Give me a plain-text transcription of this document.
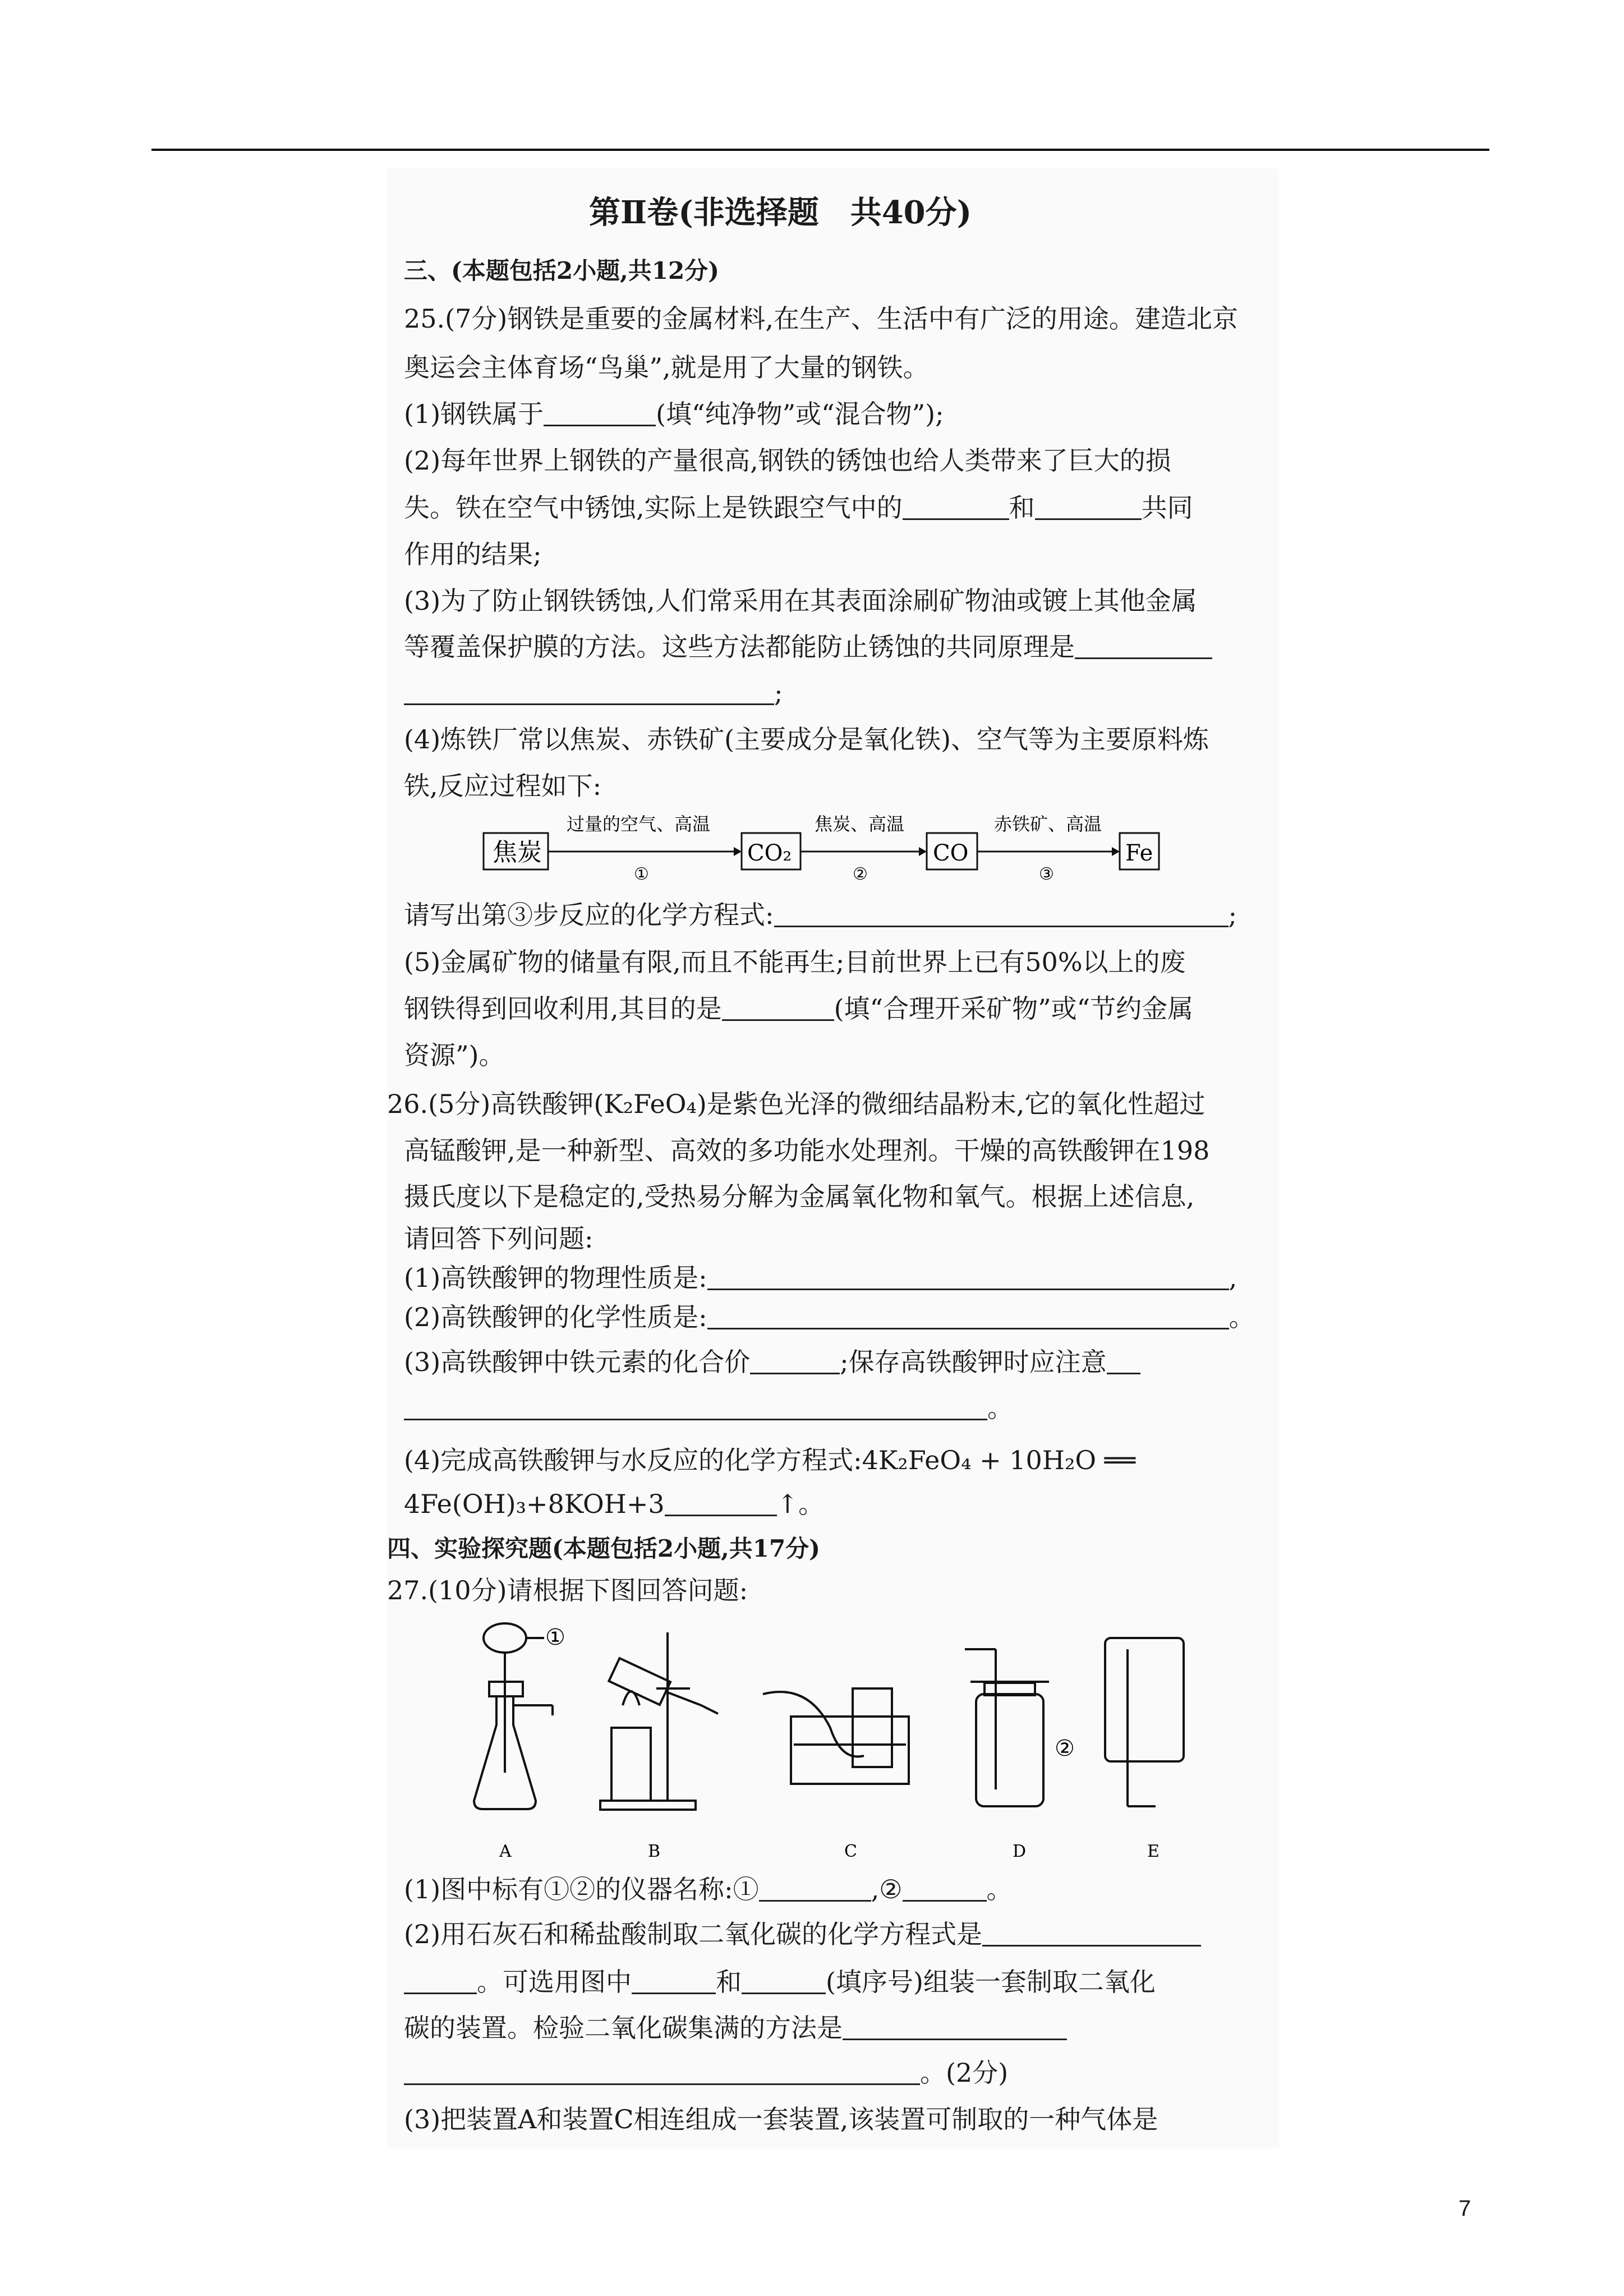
第Ⅱ卷(非选择题　共40分)
三、(本题包括2小题,共12分)
25.(7分)钢铁是重要的金属材料,在生产、生活中有广泛的用途。建造北京
奥运会主体育场“鸟巢”,就是用了大量的钢铁。
(1)钢铁属于	(填“纯净物”或“混合物”);
(2)每年世界上钢铁的产量很高,钢铁的锈蚀也给人类带来了巨大的损
失。铁在空气中锈蚀,实际上是铁跟空气中的	和	共同
作用的结果;
(3)为了防止钢铁锈蚀,人们常采用在其表面涂刷矿物油或镀上其他金属
等覆盖保护膜的方法。这些方法都能防止锈蚀的共同原理是
;
(4)炼铁厂常以焦炭、赤铁矿(主要成分是氧化铁)、空气等为主要原料炼
铁,反应过程如下:
焦炭
过量的空气、高温
①
CO₂
焦炭、高温
②
CO
赤铁矿、高温
③
Fe
请写出第③步反应的化学方程式:	;
(5)金属矿物的储量有限,而且不能再生;目前世界上已有50%以上的废
钢铁得到回收利用,其目的是	(填“合理开采矿物”或“节约金属
资源”)。
26.(5分)高铁酸钾(K₂FeO₄)是紫色光泽的微细结晶粉末,它的氧化性超过
高锰酸钾,是一种新型、高效的多功能水处理剂。干燥的高铁酸钾在198
摄氏度以下是稳定的,受热易分解为金属氧化物和氧气。根据上述信息,
请回答下列问题:
(1)高铁酸钾的物理性质是:	,
(2)高铁酸钾的化学性质是:	。
(3)高铁酸钾中铁元素的化合价	;保存高铁酸钾时应注意
。
(4)完成高铁酸钾与水反应的化学方程式:4K₂FeO₄ + 10H₂O ══
4Fe(OH)₃+8KOH+3	↑。
四、实验探究题(本题包括2小题,共17分)
27.(10分)请根据下图回答问题:
①
②
A	B	C	D	E
(1)图中标有①②的仪器名称:①	,②	。
(2)用石灰石和稀盐酸制取二氧化碳的化学方程式是
。可选用图中	和	(填序号)组装一套制取二氧化
碳的装置。检验二氧化碳集满的方法是
。(2分)
(3)把装置A和装置C相连组成一套装置,该装置可制取的一种气体是
7
